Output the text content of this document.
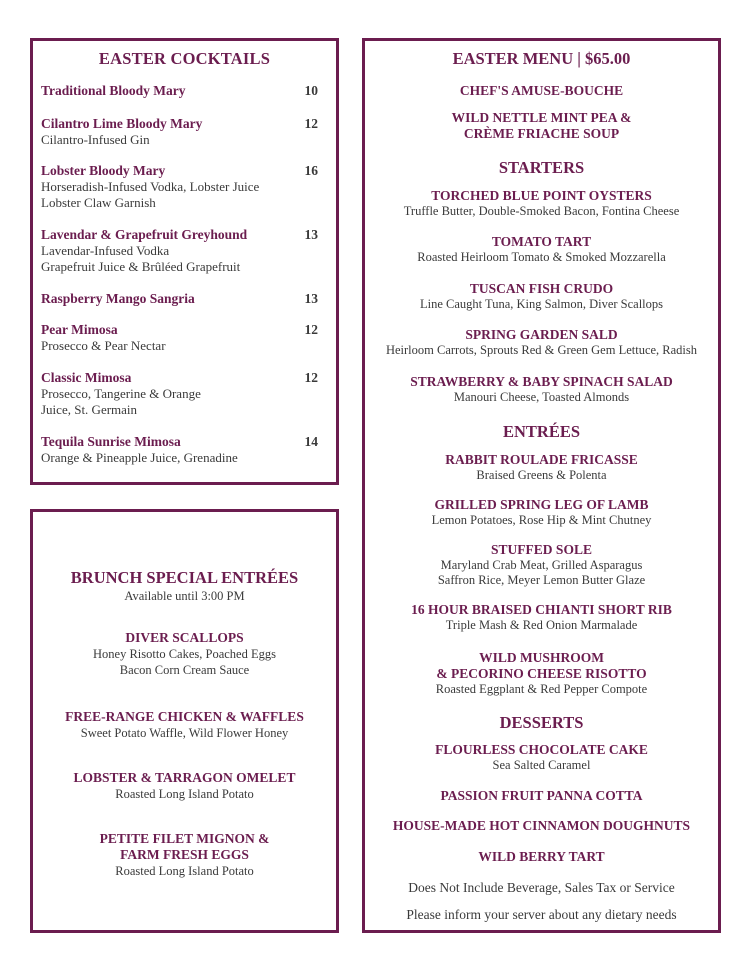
EASTER COCKTAILS
Traditional Bloody Mary	10
Cilantro Lime Bloody Mary	12
Cilantro-Infused Gin
Lobster Bloody Mary	16
Horseradish-Infused Vodka, Lobster Juice
Lobster Claw Garnish
Lavendar & Grapefruit Greyhound	13
Lavendar-Infused Vodka
Grapefruit Juice & Brûléed Grapefruit
Raspberry Mango Sangria	13
Pear Mimosa	12
Prosecco & Pear Nectar
Classic Mimosa	12
Prosecco, Tangerine & Orange
Juice, St. Germain
Tequila Sunrise Mimosa	14
Orange & Pineapple Juice, Grenadine
BRUNCH SPECIAL ENTRÉES
Available until 3:00 PM
DIVER SCALLOPS
Honey Risotto Cakes, Poached Eggs
Bacon Corn Cream Sauce
FREE-RANGE CHICKEN & WAFFLES
Sweet Potato Waffle, Wild Flower Honey
LOBSTER & TARRAGON OMELET
Roasted Long Island Potato
PETITE FILET MIGNON &
FARM FRESH EGGS
Roasted Long Island Potato
EASTER MENU | $65.00
CHEF'S AMUSE-BOUCHE
WILD NETTLE MINT PEA &
CRÈME FRIACHE SOUP
STARTERS
TORCHED BLUE POINT OYSTERS
Truffle Butter, Double-Smoked Bacon, Fontina Cheese
TOMATO TART
Roasted Heirloom Tomato & Smoked Mozzarella
TUSCAN FISH CRUDO
Line Caught Tuna, King Salmon, Diver Scallops
SPRING GARDEN SALD
Heirloom Carrots, Sprouts Red & Green Gem Lettuce, Radish
STRAWBERRY & BABY SPINACH SALAD
Manouri Cheese, Toasted Almonds
ENTRÉES
RABBIT ROULADE FRICASSE
Braised Greens & Polenta
GRILLED SPRING LEG OF LAMB
Lemon Potatoes, Rose Hip & Mint Chutney
STUFFED SOLE
Maryland Crab Meat, Grilled Asparagus
Saffron Rice, Meyer Lemon Butter Glaze
16 HOUR BRAISED CHIANTI SHORT RIB
Triple Mash & Red Onion Marmalade
WILD MUSHROOM
& PECORINO CHEESE RISOTTO
Roasted Eggplant & Red Pepper Compote
DESSERTS
FLOURLESS CHOCOLATE CAKE
Sea Salted Caramel
PASSION FRUIT PANNA COTTA
HOUSE-MADE HOT CINNAMON DOUGHNUTS
WILD BERRY TART
Does Not Include Beverage, Sales Tax or Service
Please inform your server about any dietary needs
